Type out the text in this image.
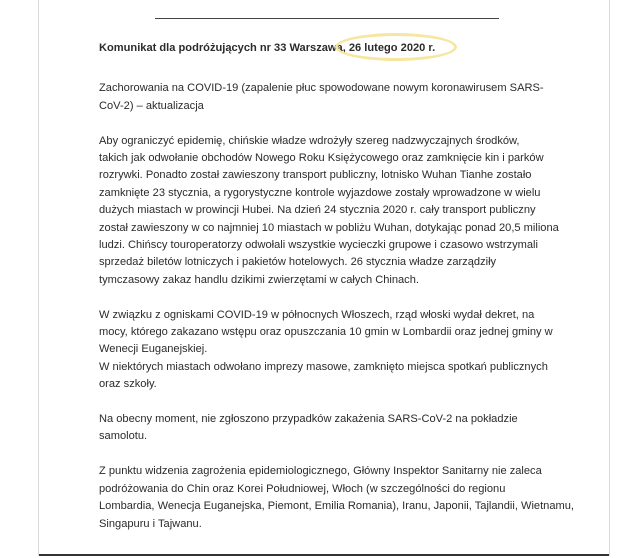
Komunikat dla podróżujących nr 33 Warszawa,
26 lutego 2020 r.
Zachorowania na COVID-19 (zapalenie płuc spowodowane nowym koronawirusem SARS-
CoV-2) – aktualizacja
Aby ograniczyć epidemię, chińskie władze wdrożyły szereg nadzwyczajnych środków,
takich jak odwołanie obchodów Nowego Roku Księżycowego oraz zamknięcie kin i parków
rozrywki. Ponadto został zawieszony transport publiczny, lotnisko Wuhan Tianhe zostało
zamknięte 23 stycznia, a rygorystyczne kontrole wyjazdowe zostały wprowadzone w wielu
dużych miastach w prowincji Hubei. Na dzień 24 stycznia 2020 r. cały transport publiczny
został zawieszony w co najmniej 10 miastach w pobliżu Wuhan, dotykając ponad 20,5 miliona
ludzi. Chińscy touroperatorzy odwołali wszystkie wycieczki grupowe i czasowo wstrzymali
sprzedaż biletów lotniczych i pakietów hotelowych. 26 stycznia władze zarządziły
tymczasowy zakaz handlu dzikimi zwierzętami w całych Chinach.
W związku z ogniskami COVID-19 w północnych Włoszech, rząd włoski wydał dekret, na
mocy, którego zakazano wstępu oraz opuszczania 10 gmin w Lombardii oraz jednej gminy w
Wenecji Euganejskiej.
W niektórych miastach odwołano imprezy masowe, zamknięto miejsca spotkań publicznych
oraz szkoły.
Na obecny moment, nie zgłoszono przypadków zakażenia SARS-CoV-2 na pokładzie
samolotu.
Z punktu widzenia zagrożenia epidemiologicznego, Główny Inspektor Sanitarny nie zaleca
podróżowania do Chin oraz Korei Południowej, Włoch (w szczególności do regionu
Lombardia, Wenecja Euganejska, Piemont, Emilia Romania), Iranu, Japonii, Tajlandii, Wietnamu,
Singapuru i Tajwanu.
